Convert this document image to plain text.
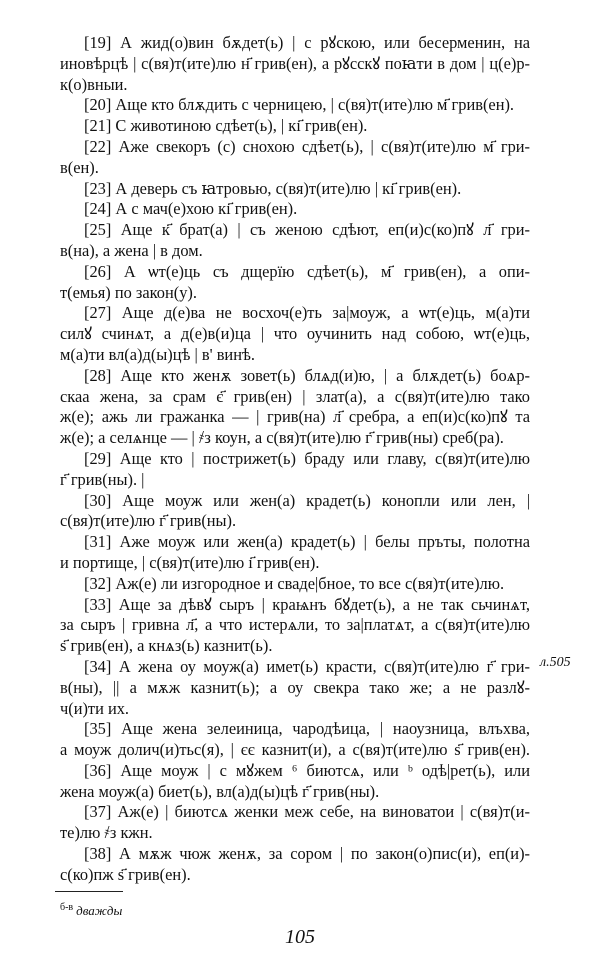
[19] А жид(о)вин бѫдет(ь) | с рꙋскою, или бесерменин, на
иновѣрцѣ | с(вя)т(ите)лю н҃ грив(ен), а рꙋсскꙋ поꙗти в дом | ц(е)р-
к(о)вныи.
[20] Аще кто блѫдить с черницею, | с(вя)т(ите)лю м҃ грив(ен).
[21] С животиною сдѣет(ь), | кı҃ грив(ен).
[22] Аже свекоръ (с) снохою сдѣет(ь), | с(вя)т(ите)лю м҃ гри-
в(ен).
[23] А деверь съ ꙗтровью, с(вя)т(ите)лю | кı҃ грив(ен).
[24] А с мач(е)хою кı҃ грив(ен).
[25] Аще к҃ брат(а) | съ женою сдѣют, еп(и)с(ко)пꙋ л҃ гри-
в(на), а жена | в дом.
[26] А ѡт(е)ць съ дщерїю сдѣет(ь), м҃ грив(ен), а опи-
т(емья) по закон(у).
[27] Аще д(е)ва не восхоч(е)ть за|моуж, а ѡт(е)ць, м(а)ти
силꙋ счинѧт, а д(е)в(и)ца | что оучинить над собою, ѡт(е)ць,
м(а)ти вл(а)д(ы)цѣ | в' винѣ.
[28] Аще кто женѫ зовет(ь) блѧд(и)ю, | а блѫдет(ь) бoѧр-
скаа жена, за срам є҃ грив(ен) | злат(а), а с(вя)т(ите)лю тако
ж(е); ажь ли гражанка — | грив(на) л҃ сребра, а еп(и)с(ко)пꙋ та
ж(е); а селѧнце — | ҂з коун, а с(вя)т(ите)лю г҃ грив(ны) среб(ра).
[29] Аще кто | пострижет(ь) браду или главу, с(вя)т(ите)лю
г҃ грив(ны). |
[30] Аще моуж или жен(а) крадет(ь) конопли или лен, |
с(вя)т(ите)лю г҃ грив(ны).
[31] Аже моуж или жен(а) крадет(ь) | белы пръты, полотна
и портище, | с(вя)т(ите)лю ı҃ грив(ен).
[32] Аж(е) ли изгородное и сваде|бное, то все с(вя)т(ите)лю.
[33] Аще за дѣвꙋ сыръ | краѩнъ бꙋдет(ь), а не так сьчинѧт,
за сыръ | гривна л҃, а что истерѧли, то за|платѧт, а с(вя)т(ите)лю
ѕ҃ грив(ен), а кнѧз(ь) казнит(ь).
[34] А жена оу моуж(а) имет(ь) красти, с(вя)т(ите)лю г҃ гри-
в(ны), || а мѫж казнит(ь); а оу свекра тако же; а не разлꙋ-
ч(и)ти их.
[35] Аще жена зелеиница, чародѣица, | наоузница, влъхва,
а моуж долич(и)тьс(я), | єє казнит(и), а с(вя)т(ите)лю ѕ҃ грив(ен).
[36] Аще моуж | с мꙋжем ⁶ биютсѧ, или ᵇ одѣ|рет(ь), или
жена моуж(а) биет(ь), вл(а)д(ы)цѣ г҃ грив(ны).
[37] Аж(е) | биютсѧ женки меж себе, на виноватои | с(вя)т(и-
те)лю ҂з кжн.
[38] А мѫж чюж женѫ, за сором | по закон(о)пис(и), еп(и)-
с(ко)пж ѕ҃ грив(ен).
л.505
$^{б-в}$ дважды
105
